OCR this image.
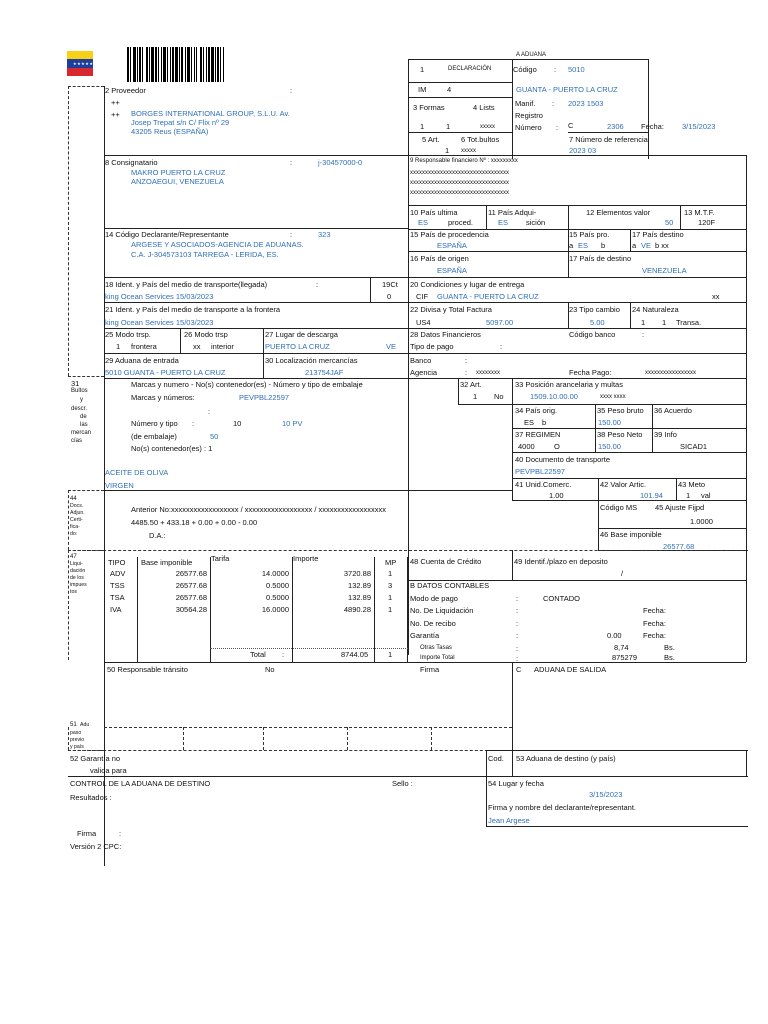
★★★★★★★★
A ADUANA
1	DECLARACIÓN	Código : 5010
GUANTA - PUERTO LA CRUZ
IM	4
Manif. : 2023 1503
Registro
3 Formas	4 Lists
1	1	xxxxx	Número : C	2306 Fecha: 3/15/2023
5 Art.	6 Tot.bultos
1 xxxxx
7 Número de referencia
2023 03
2 Proveedor	:
++
++ BORGES INTERNATIONAL GROUP, S.L.U. Av.
Josep Trepat s/n C/ Flix nº 29
43205 Reus (ESPAÑA)
8 Consignatario	:	j-30457000-0
MAKRO PUERTO LA CRUZ
ANZOAEGUI, VENEZUELA
9 Responsable financiero Nº : xxxxxxxxx
xxxxxxxxxxxxxxxxxxxxxxxxxxxxxxxxx
xxxxxxxxxxxxxxxxxxxxxxxxxxxxxxxxx
xxxxxxxxxxxxxxxxxxxxxxxxxxxxxxxxx
10 País ultima
ES	proced.
11 País Adqui-
ES sición
12 Elementos valor
50
13 M.T.F.
120F
14 Código Declarante/Representante	:	323
ARGESE Y ASOCIADOS-AGENCIA DE ADUANAS.
C.A. J-304573103 TARREGA - LERIDA, ES.
15 País de procedencia
ESPAÑA
15 País pro.
a ES b
17 País destino
a VE b xx
16 País de origen
ESPAÑA
17 País de destino
VENEZUELA
18 Ident. y País del medio de transporte(llegada)	:
king Ocean Services 15/03/2023
19Ct
0
20 Condiciones y lugar de entrega
CIF GUANTA - PUERTO LA CRUZ	xx
21 Ident. y País del medio de transporte a la frontera
king Ocean Services 15/03/2023
22 Divisa y Total Factura
US4	5097.00
23 Tipo cambio
5.00
24 Naturaleza
1 1 Transa.
25 Modo trsp.
1 frontera
26 Modo trsp
xx interior
27 Lugar de descarga
PUERTO LA CRUZ	VE
28 Datos Financieros
Tipo de pago	:
Código banco	:
29 Aduana de entrada
5010 GUANTA - PUERTO LA CRUZ
30 Localización mercancías
213754JAF
Banco	:
Agencia	: xxxxxxxx	Fecha Pago:	xxxxxxxxxxxxxxxxx
31
Bultos
y
descr.
de
las
mercan
cías
Marcas y numero - No(s) contenedor(es) - Número y tipo de embalaje
Marcas y números:	PEVPBL22597
:
Número y tipo :	10	10 PV
(de embalaje)	50
No(s) contenedor(es) : 1
ACEITE DE OLIVA
VIRGEN
32 Art.
1 No
33 Posición arancelaria y multas
1509.10.00.00	xxxx xxxx
34 País orig.
ES b
35 Peso bruto
150.00
36 Acuerdo
37 REGIMEN
4000	O
38 Peso Neto
150.00
39 Info
SICAD1
40 Documento de transporte
PEVPBL22597
41 Unid.Comerc.
1.00
42 Valor Artic.
101.94
43 Meto
1 val
44
Docs.
Adjun.
Certi-
fica-
do:
Anterior No:xxxxxxxxxxxxxxxxxx / xxxxxxxxxxxxxxxxxx / xxxxxxxxxxxxxxxxxx
4485.50 + 433.18 + 0.00 + 0.00 - 0.00
D.A.:
Código MS 45 Ajuste Fijpd
1.0000
46 Base imponible
26577.68
47
Liqui-
dación
de los
impues
tos
TIPO Base imponible Tarifa	Importe	MP
Total :	8744.05	1
48 Cuenta de Crédito	49 Identif./plazo en deposito
/
B DATOS CONTABLES
Modo de pago	:	CONTADO
No. De Liquidación	:	Fecha:
No. De recibo	:	Fecha:
Garantía	:	0.00	Fecha:
Otras Tasas	:	8,74	Bs.
Importe Total	:	875279	Bs.
50 Responsable tránsito	No	Firma	C ADUANA DE SALIDA
51 Adu
paso
previo
y país
52 Garantía no
valida para
Cod. 53 Aduana de destino (y país)
CONTROL DE LA ADUANA DE DESTINO	Sello :
Resultados :
54 Lugar y fecha
3/15/2023
Firma y nombre del declarante/representant.
Jean Argese
Firma	:
Versión 2 CPC:
ADV	26577.68	14.0000	3720.88 1
TSS	26577.68	0.5000	132.89 3
TSA	26577.68	0.5000	132.89 1
IVA	30564.28	16.0000	4890.28 1
